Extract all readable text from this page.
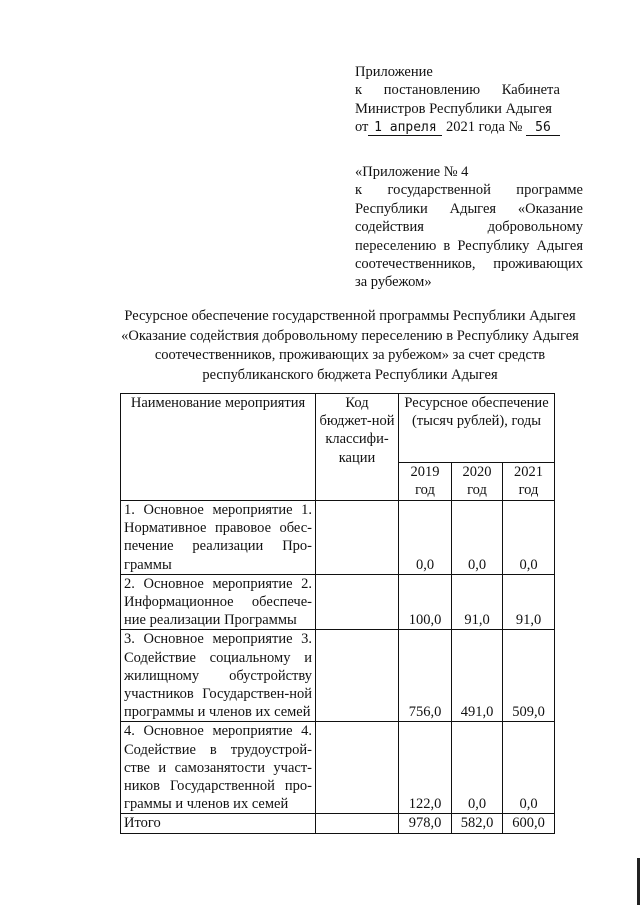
Приложение
к постановлению Кабинета
Министров Республики Адыгея
от 1 апреля 2021 года № 56
«Приложение № 4
к государственной программе
Республики Адыгея «Оказание
содействия добровольному
переселению в Республику Адыгея
соотечественников, проживающих
за рубежом»
Ресурсное обеспечение государственной программы Республики Адыгея
«Оказание содействия добровольному переселению в Республику Адыгея
соотечественников, проживающих за рубежом» за счет средств
республиканского бюджета Республики Адыгея
Наименование мероприятия	Код бюджет-ной классифи-кации	Ресурсное обеспечение (тысяч рублей), годы		
		2019 год	2020 год	2021 год
1. Основное мероприятие 1. Нормативное правовое обес-печение реализации Про-граммы		0,0	0,0	0,0
2. Основное мероприятие 2. Информационное обеспече-ние реализации Программы		100,0	91,0	91,0
3. Основное мероприятие 3. Содействие социальному и жилищному обустройству участников Государствен-ной программы и членов их семей		756,0	491,0	509,0
4. Основное мероприятие 4. Содействие в трудоустрой-стве и самозанятости участ-ников Государственной про-граммы и членов их семей		122,0	0,0	0,0
Итого		978,0	582,0	600,0
